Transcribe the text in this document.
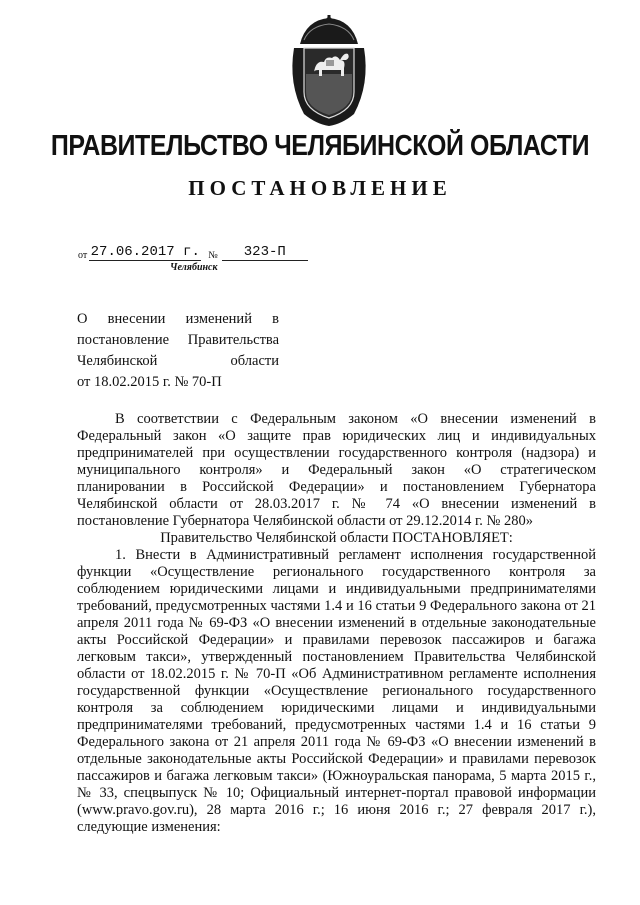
ПРАВИТЕЛЬСТВО ЧЕЛЯБИНСКОЙ ОБЛАСТИ
ПОСТАНОВЛЕНИЕ
от 27.06.2017 г. № 323-П
Челябинск
О внесении изменений в
постановление Правительства
Челябинской области
от 18.02.2015 г. № 70-П

В соответствии с Федеральным законом «О внесении изменений в Федеральный закон «О защите прав юридических лиц и индивидуальных предпринимателей при осуществлении государственного контроля (надзора) и муниципального контроля» и Федеральный закон «О стратегическом планировании в Российской Федерации» и постановлением Губернатора Челябинской области от 28.03.2017 г. № 74 «О внесении изменений в постановление Губернатора Челябинской области от 29.12.2014 г. № 280»

Правительство Челябинской области ПОСТАНОВЛЯЕТ:

1. Внести в Административный регламент исполнения государственной функции «Осуществление регионального государственного контроля за соблюдением юридическими лицами и индивидуальными предпринимателями требований, предусмотренных частями 1.4 и 16 статьи 9 Федерального закона от 21 апреля 2011 года № 69-ФЗ «О внесении изменений в отдельные законодательные акты Российской Федерации» и правилами перевозок пассажиров и багажа легковым такси», утвержденный постановлением Правительства Челябинской области от 18.02.2015 г. № 70-П «Об Административном регламенте исполнения государственной функции «Осуществление регионального государственного контроля за соблюдением юридическими лицами и индивидуальными предпринимателями требований, предусмотренных частями 1.4 и 16 статьи 9 Федерального закона от 21 апреля 2011 года № 69-ФЗ «О внесении изменений в отдельные законодательные акты Российской Федерации» и правилами перевозок пассажиров и багажа легковым такси» (Южноуральская панорама, 5 марта 2015 г., № 33, спецвыпуск № 10; Официальный интернет-портал правовой информации (www.pravo.gov.ru), 28 марта 2016 г.; 16 июня 2016 г.; 27 февраля 2017 г.), следующие изменения:
